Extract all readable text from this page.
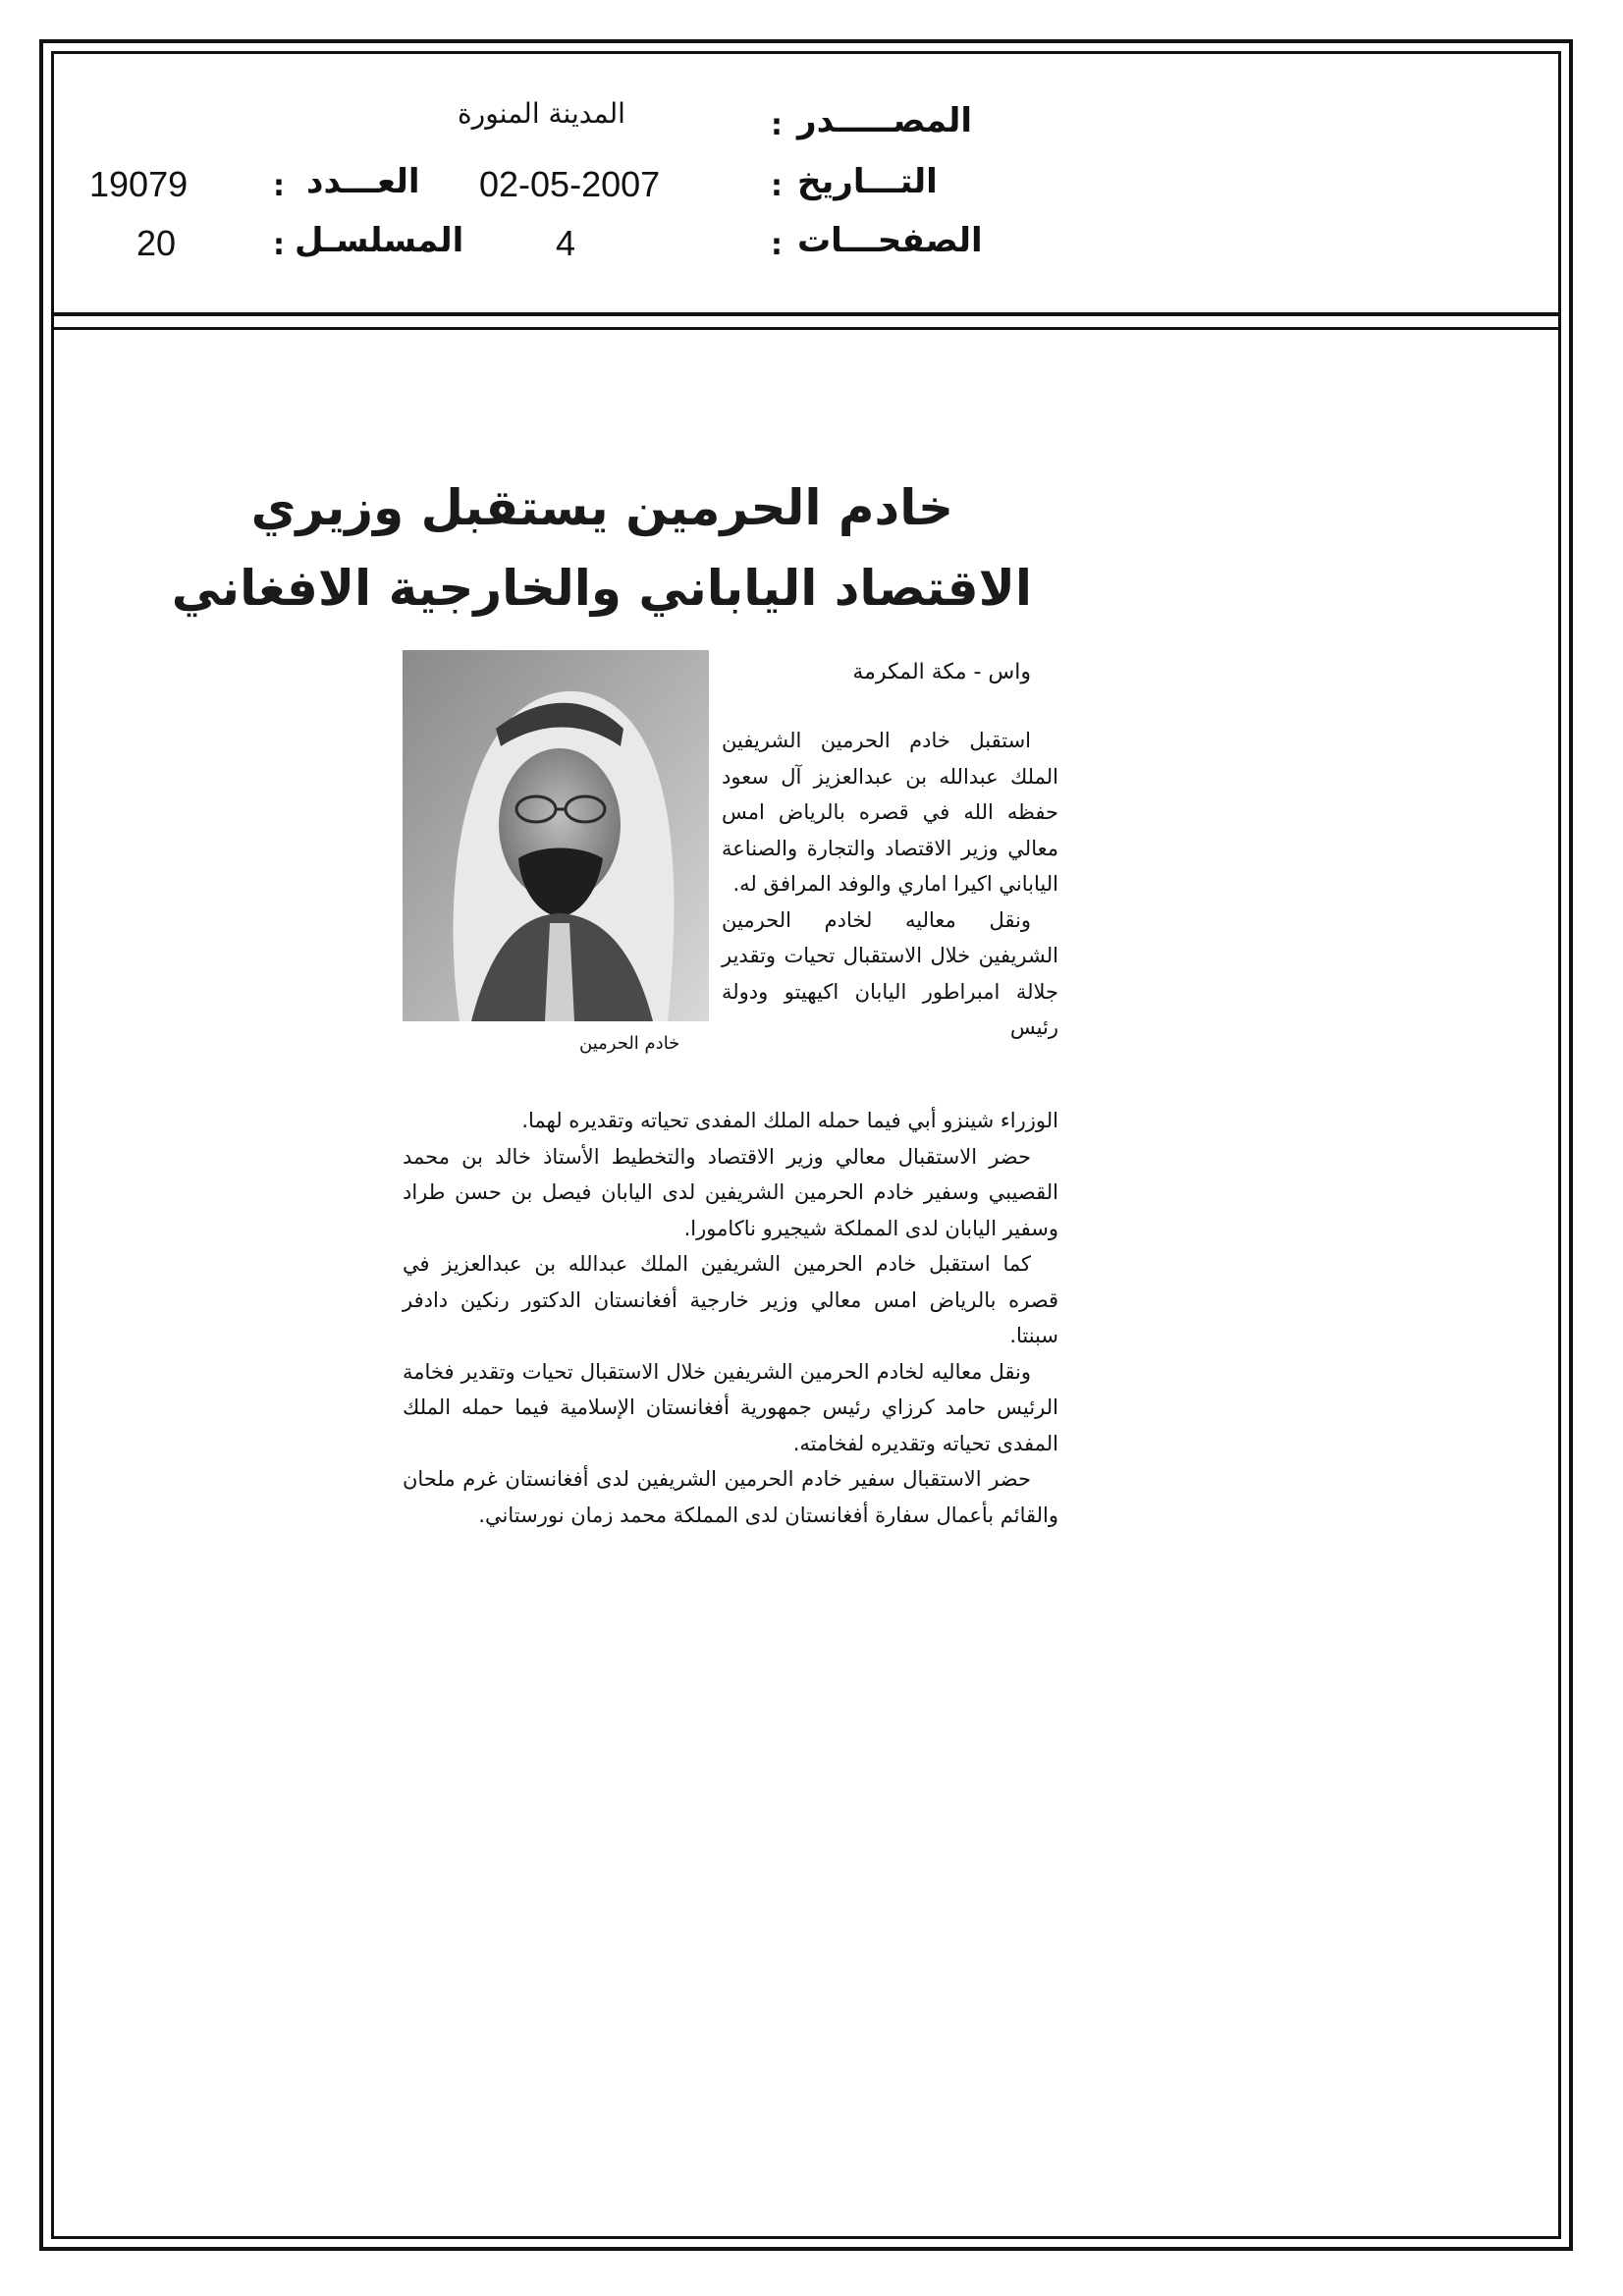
المصـــــدر
:
المدينة المنورة
التـــاريخ
:
02-05-2007
العـــدد
:
19079
الصفحـــات
:
4
المسلسـل
:
20
خادم الحرمين يستقبل وزيري
الاقتصاد الياباني والخارجية الافغاني
واس - مكة المكرمة
خادم الحرمين

استقبل خادم الحرمين الشريفين الملك عبدالله بن عبدالعزيز آل سعود حفظه الله في قصره بالرياض امس معالي وزير الاقتصاد والتجارة والصناعة الياباني اكيرا اماري والوفد المرافق له.

ونقل معاليه لخادم الحرمين الشريفين خلال الاستقبال تحيات وتقدير جلالة امبراطور اليابان اكيهيتو ودولة رئيس

الوزراء شينزو أبي فيما حمله الملك المفدى تحياته وتقديره لهما.

حضر الاستقبال معالي وزير الاقتصاد والتخطيط الأستاذ خالد بن محمد القصيبي وسفير خادم الحرمين الشريفين لدى اليابان فيصل بن حسن طراد وسفير اليابان لدى المملكة شيجيرو ناكامورا.

كما استقبل خادم الحرمين الشريفين الملك عبدالله بن عبدالعزيز في قصره بالرياض امس معالي وزير خارجية أفغانستان الدكتور رنكين دادفر سبنتا.

ونقل معاليه لخادم الحرمين الشريفين خلال الاستقبال تحيات وتقدير فخامة الرئيس حامد كرزاي رئيس جمهورية أفغانستان الإسلامية فيما حمله الملك المفدى تحياته وتقديره لفخامته.

حضر الاستقبال سفير خادم الحرمين الشريفين لدى أفغانستان غرم ملحان والقائم بأعمال سفارة أفغانستان لدى المملكة محمد زمان نورستاني.
